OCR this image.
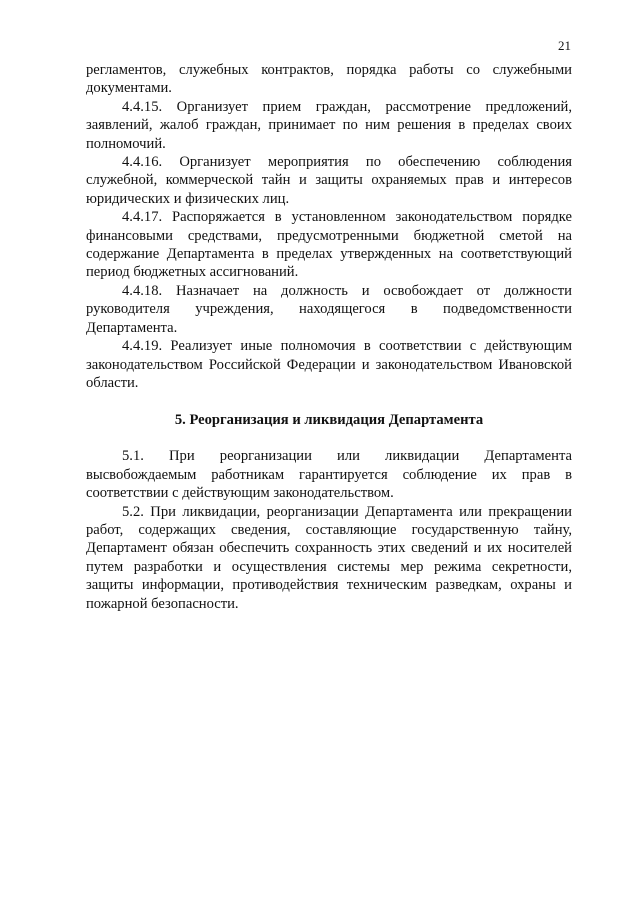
21

регламентов, служебных контрактов, порядка работы со служебными документами.

4.4.15. Организует прием граждан, рассмотрение предложений, заявлений, жалоб граждан, принимает по ним решения в пределах своих полномочий.

4.4.16. Организует мероприятия по обеспечению соблюдения служебной, коммерческой тайн и защиты охраняемых прав и интересов юридических и физических лиц.

4.4.17. Распоряжается в установленном законодательством порядке финансовыми средствами, предусмотренными бюджетной сметой на содержание Департамента в пределах утвержденных на соответствующий период бюджетных ассигнований.

4.4.18. Назначает на должность и освобождает от должности руководителя учреждения, находящегося в подведомственности Департамента.

4.4.19. Реализует иные полномочия в соответствии с действующим законодательством Российской Федерации и законодательством Ивановской области.

5. Реорганизация и ликвидация Департамента

5.1. При реорганизации или ликвидации Департамента высвобождаемым работникам гарантируется соблюдение их прав в соответствии с действующим законодательством.

5.2. При ликвидации, реорганизации Департамента или прекращении работ, содержащих сведения, составляющие государственную тайну, Департамент обязан обеспечить сохранность этих сведений и их носителей путем разработки и осуществления системы мер режима секретности, защиты информации, противодействия техническим разведкам, охраны и пожарной безопасности.
